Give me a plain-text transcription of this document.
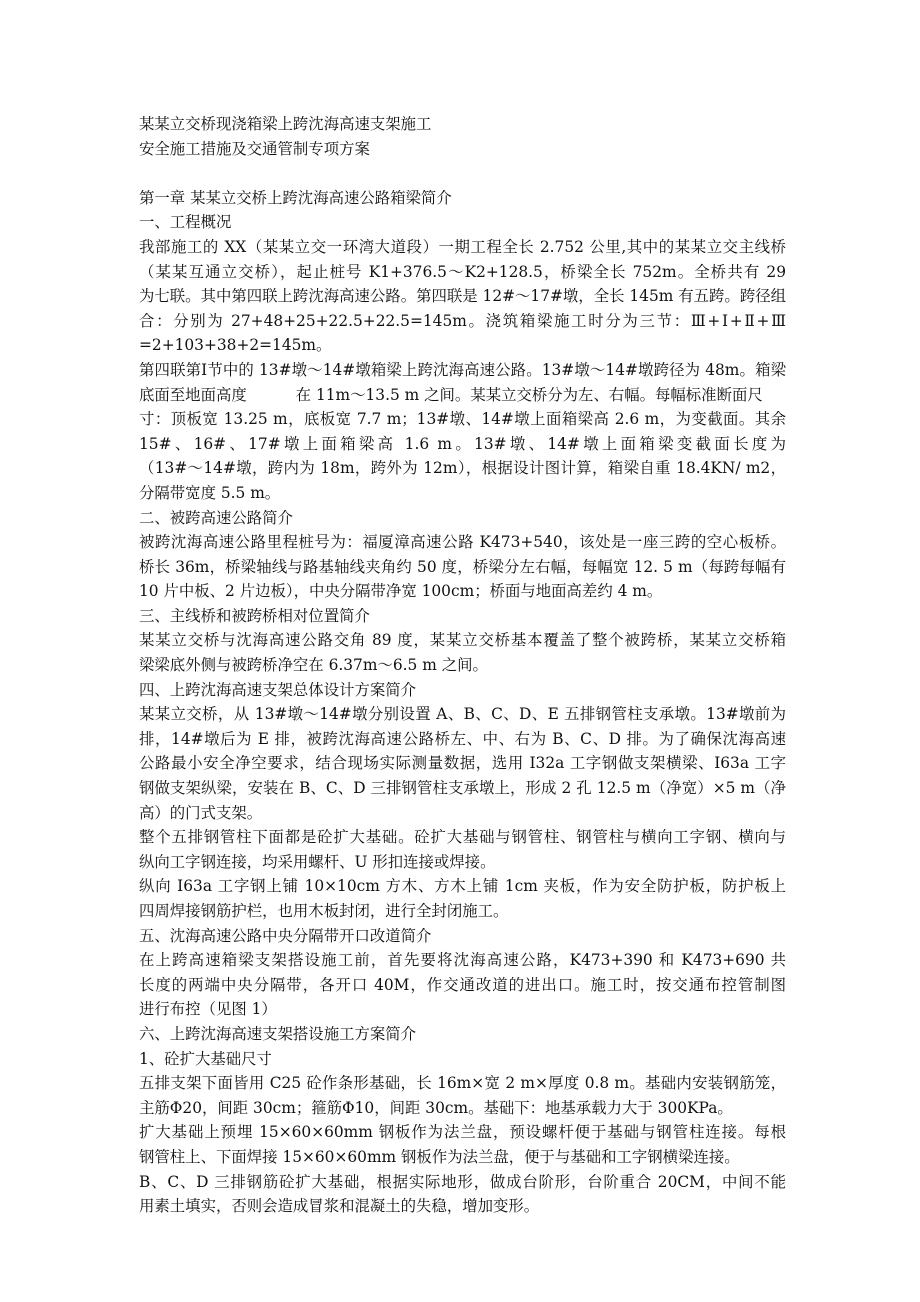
某某立交桥现浇箱梁上跨沈海高速支架施工

安全施工措施及交通管制专项方案

第一章 某某立交桥上跨沈海高速公路箱梁简介

一、工程概况

我部施工的 XX（某某立交一环湾大道段）一期工程全长 2.752 公里,其中的某某立交主线桥

（某某互通立交桥），起止桩号 K1+376.5～K2+128.5，桥梁全长 752m。全桥共有 29

为七联。其中第四联上跨沈海高速公路。第四联是 12#～17#墩，全长 145m 有五跨。跨径组

合：分别为 27+48+25+22.5+22.5=145m。浇筑箱梁施工时分为三节：Ⅲ+Ⅰ+Ⅱ+Ⅲ

=2+103+38+2=145m。

第四联第Ⅰ节中的 13#墩～14#墩箱梁上跨沈海高速公路。13#墩～14#墩跨径为 48m。箱梁

底面至地面高度          在 11m～13.5 m 之间。某某立交桥分为左、右幅。每幅标准断面尺

寸：顶板宽 13.25 m，底板宽 7.7 m；13#墩、14#墩上面箱梁高 2.6 m，为变截面。其余

15#、16#、17#墩上面箱梁高 1.6 m。13#墩、14#墩上面箱梁变截面长度为

（13#～14#墩，跨内为 18m，跨外为 12m），根据设计图计算，箱梁自重 18.4KN/ m2，

分隔带宽度 5.5 m。

二、被跨高速公路简介

被跨沈海高速公路里程桩号为：福厦漳高速公路 K473+540，该处是一座三跨的空心板桥。

桥长 36m，桥梁轴线与路基轴线夹角约 50 度，桥梁分左右幅，每幅宽 12. 5 m（每跨每幅有

10 片中板、2 片边板），中央分隔带净宽 100cm；桥面与地面高差约 4 m。

三、主线桥和被跨桥相对位置简介

某某立交桥与沈海高速公路交角 89 度，某某立交桥基本覆盖了整个被跨桥，某某立交桥箱

梁梁底外侧与被跨桥净空在 6.37m～6.5 m 之间。

四、上跨沈海高速支架总体设计方案简介

某某立交桥，从 13#墩～14#墩分别设置 A、B、C、D、E 五排钢管柱支承墩。13#墩前为

排，14#墩后为 E 排，被跨沈海高速公路桥左、中、右为 B、C、D 排。为了确保沈海高速

公路最小安全净空要求，结合现场实际测量数据，选用 I32a 工字钢做支架横梁、I63a 工字

钢做支架纵梁，安装在 B、C、D 三排钢管柱支承墩上，形成 2 孔 12.5 m（净宽）×5 m（净

高）的门式支架。

整个五排钢管柱下面都是砼扩大基础。砼扩大基础与钢管柱、钢管柱与横向工字钢、横向与

纵向工字钢连接，均采用螺杆、U 形扣连接或焊接。

纵向 I63a 工字钢上铺 10×10cm 方木、方木上铺 1cm 夹板，作为安全防护板，防护板上

四周焊接钢筋护栏，也用木板封闭，进行全封闭施工。

五、沈海高速公路中央分隔带开口改道简介

在上跨高速箱梁支架搭设施工前，首先要将沈海高速公路，K473+390 和 K473+690 共

长度的两端中央分隔带，各开口 40M，作交通改道的进出口。施工时，按交通布控管制图

进行布控（见图 1）

六、上跨沈海高速支架搭设施工方案简介

1、砼扩大基础尺寸

五排支架下面皆用 C25 砼作条形基础，长 16m×宽 2 m×厚度 0.8 m。基础内安装钢筋笼，

主筋Φ20，间距 30cm；箍筋Φ10，间距 30cm。基础下：地基承载力大于 300KPa。

扩大基础上预埋 15×60×60mm 钢板作为法兰盘，预设螺杆便于基础与钢管柱连接。每根

钢管柱上、下面焊接 15×60×60mm 钢板作为法兰盘，便于与基础和工字钢横梁连接。

B、C、D 三排钢筋砼扩大基础，根据实际地形，做成台阶形，台阶重合 20CM，中间不能

用素土填实，否则会造成冒浆和混凝土的失稳，增加变形。
